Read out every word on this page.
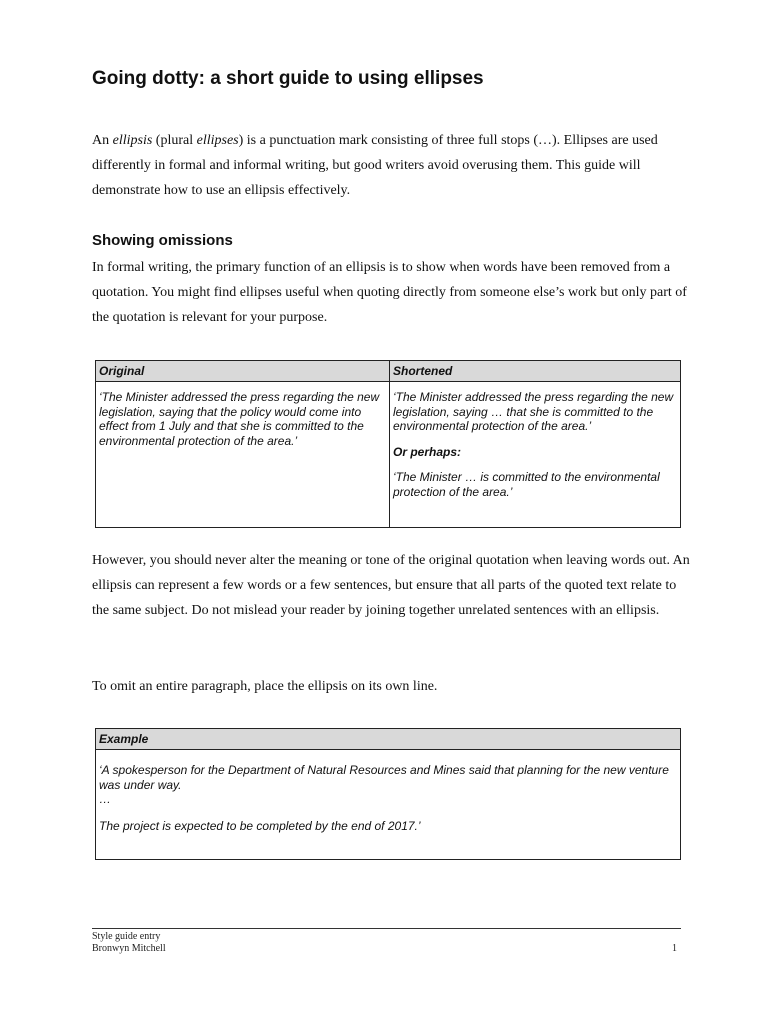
Going dotty: a short guide to using ellipses

An ellipsis (plural ellipses) is a punctuation mark consisting of three full stops (…). Ellipses are used differently in formal and informal writing, but good writers avoid overusing them. This guide will demonstrate how to use an ellipsis effectively.

Showing omissions

In formal writing, the primary function of an ellipsis is to show when words have been removed from a quotation. You might find ellipses useful when quoting directly from someone else’s work but only part of the quotation is relevant for your purpose.

Original

‘The Minister addressed the press regarding the new legislation, saying that the policy would come into effect from 1 July and that she is committed to the environmental protection of the area.’

Shortened

‘The Minister addressed the press regarding the new legislation, saying … that she is committed to the environmental protection of the area.’

Or perhaps:

‘The Minister … is committed to the environmental protection of the area.’

However, you should never alter the meaning or tone of the original quotation when leaving words out. An ellipsis can represent a few words or a few sentences, but ensure that all parts of the quoted text relate to the same subject. Do not mislead your reader by joining together unrelated sentences with an ellipsis.

To omit an entire paragraph, place the ellipsis on its own line.

Example

‘A spokesperson for the Department of Natural Resources and Mines said that planning for the new venture was under way.

…

The project is expected to be completed by the end of 2017.’

Style guide entry
Bronwyn Mitchell	1
